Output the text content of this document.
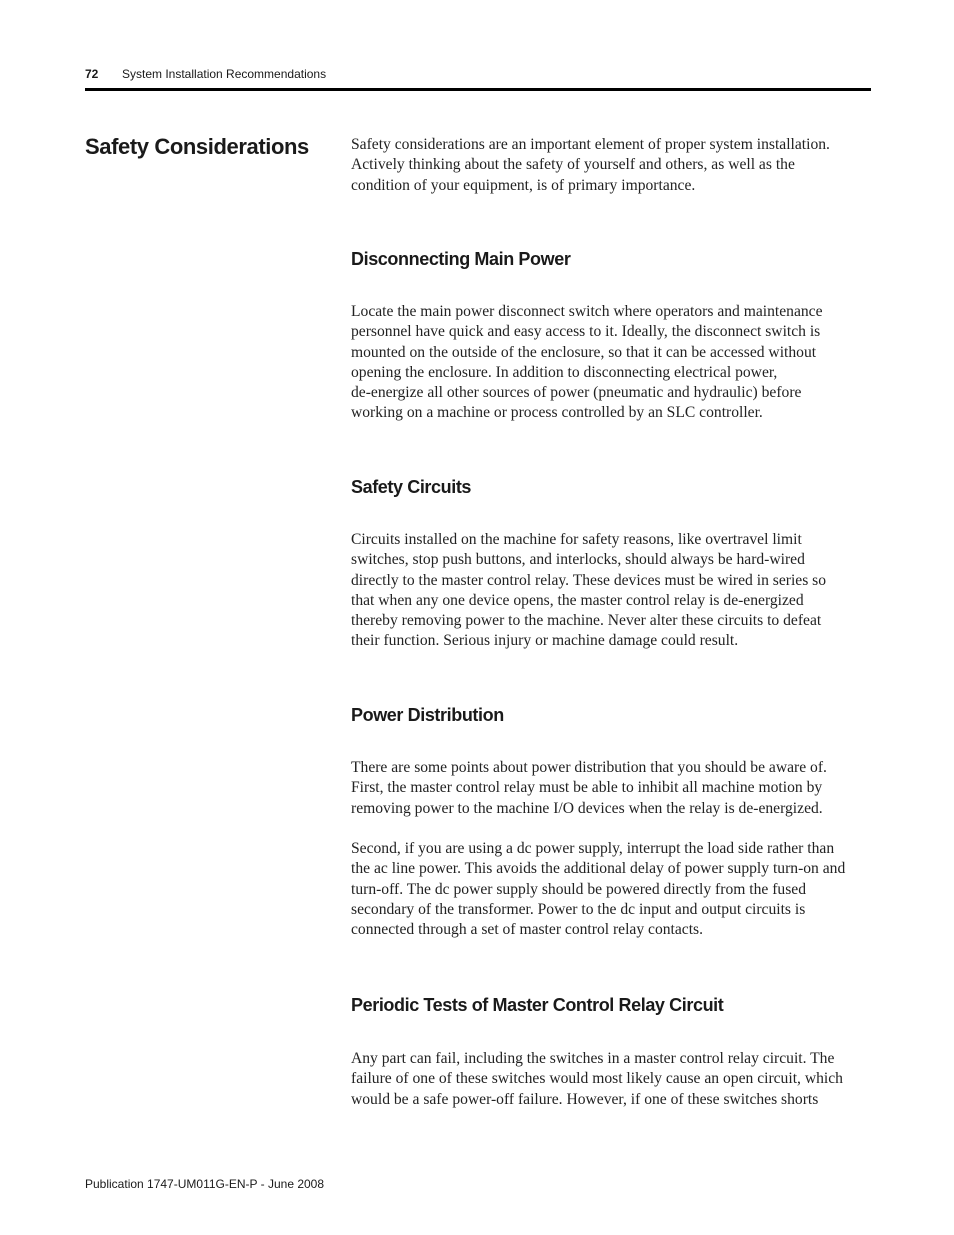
72 System Installation Recommendations
Safety Considerations	Safety considerations are an important element of proper system installation.
Actively thinking about the safety of yourself and others, as well as the
condition of your equipment, is of primary importance.

Disconnecting Main Power

Locate the main power disconnect switch where operators and maintenance
personnel have quick and easy access to it. Ideally, the disconnect switch is
mounted on the outside of the enclosure, so that it can be accessed without
opening the enclosure. In addition to disconnecting electrical power,
de-energize all other sources of power (pneumatic and hydraulic) before
working on a machine or process controlled by an SLC controller.

Safety Circuits

Circuits installed on the machine for safety reasons, like overtravel limit
switches, stop push buttons, and interlocks, should always be hard-wired
directly to the master control relay. These devices must be wired in series so
that when any one device opens, the master control relay is de-energized
thereby removing power to the machine. Never alter these circuits to defeat
their function. Serious injury or machine damage could result.

Power Distribution

There are some points about power distribution that you should be aware of.
First, the master control relay must be able to inhibit all machine motion by
removing power to the machine I/O devices when the relay is de-energized.

Second, if you are using a dc power supply, interrupt the load side rather than
the ac line power. This avoids the additional delay of power supply turn-on and
turn-off. The dc power supply should be powered directly from the fused
secondary of the transformer. Power to the dc input and output circuits is
connected through a set of master control relay contacts.

Periodic Tests of Master Control Relay Circuit

Any part can fail, including the switches in a master control relay circuit. The
failure of one of these switches would most likely cause an open circuit, which
would be a safe power-off failure. However, if one of these switches shorts

Publication 1747-UM011G-EN-P - June 2008
